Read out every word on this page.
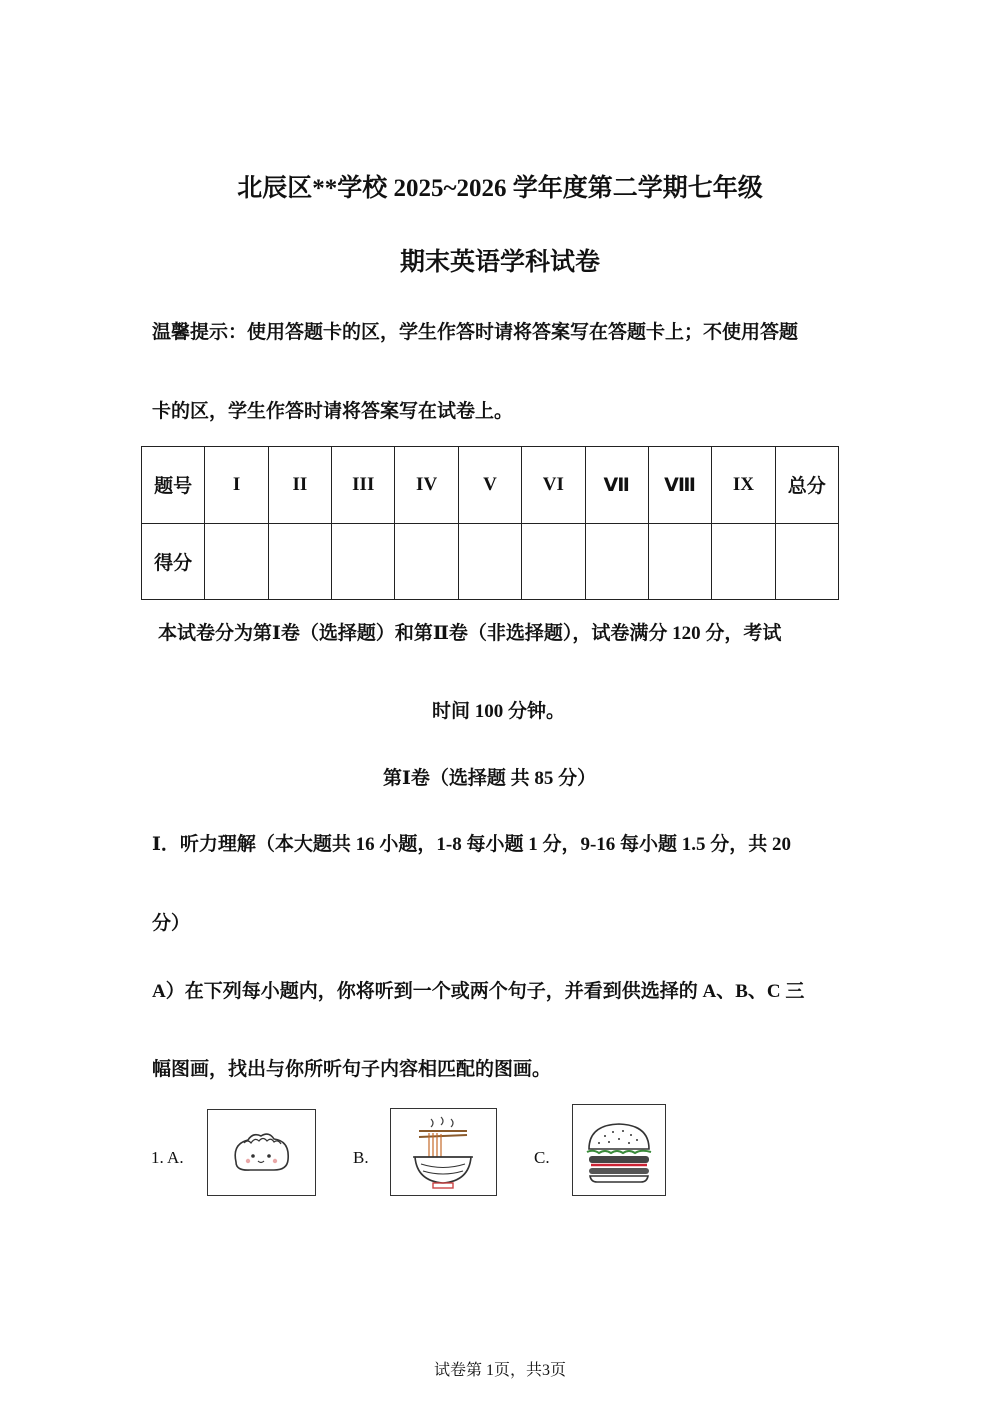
北辰区**学校 2025~2026 学年度第二学期七年级
期末英语学科试卷
温馨提示：使用答题卡的区，学生作答时请将答案写在答题卡上；不使用答题
卡的区，学生作答时请将答案写在试卷上。
题号	I	II	III	IV	V	VI	Ⅶ	Ⅷ	IX	总分
得分										
本试卷分为第Ⅰ卷（选择题）和第Ⅱ卷（非选择题），试卷满分 120 分，考试
时间 100 分钟。
第Ⅰ卷（选择题 共 85 分）
Ⅰ．听力理解（本大题共 16 小题，1-8 每小题 1 分，9-16 每小题 1.5 分，共 20
分）
A）在下列每小题内，你将听到一个或两个句子，并看到供选择的 A、B、C 三
幅图画，找出与你所听句子内容相匹配的图画。
1. A.	B.	C.
试卷第 1页，共3页
